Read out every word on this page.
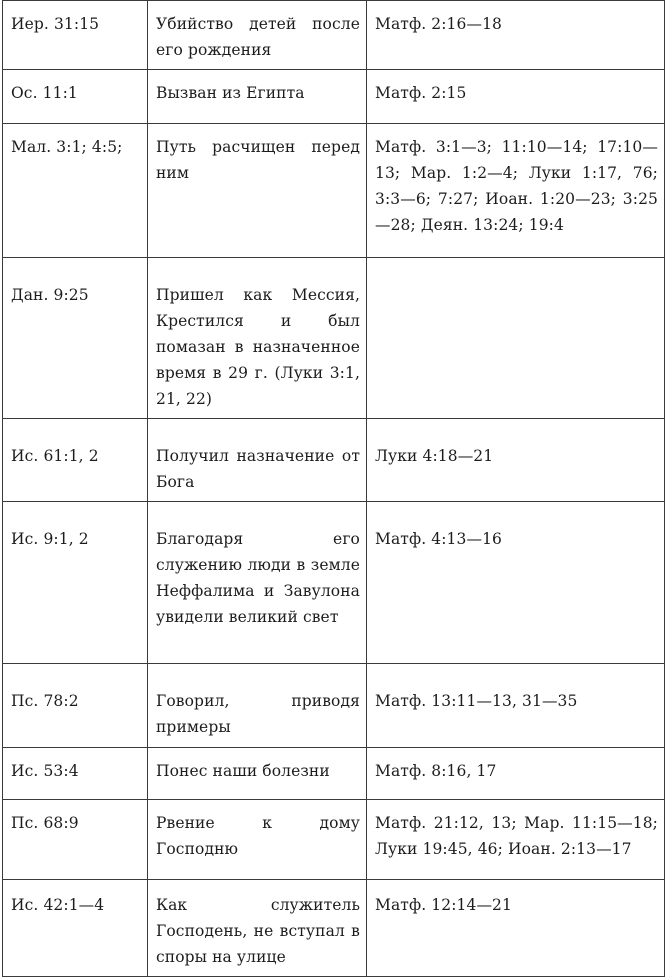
Иер. 31:15	Убийство детей после его рождения	Матф. 2:16—18

Ос. 11:1	Вызван из Египта	Матф. 2:15

Мал. 3:1; 4:5;	Путь расчищен перед ним	Матф. 3:1—3; 11:10—14; 17:10—13; Мар. 1:2—4; Луки 1:17, 76; 3:3—6; 7:27; Иоан. 1:20—23; 3:25—28; Деян. 13:24; 19:4

Дан. 9:25	Пришел как Мессия, Крестился и был помазан в назначенное время в 29 г. (Луки 3:1, 21, 22)	

Ис. 61:1, 2	Получил назначение от Бога	Луки 4:18—21

Ис. 9:1, 2	Благодаря его служению люди в земле Неффалима и Завулона увидели великий свет	Матф. 4:13—16

Пс. 78:2	Говорил, приводя примеры	Матф. 13:11—13, 31—35

Ис. 53:4	Понес наши болезни	Матф. 8:16, 17

Пс. 68:9	Рвение к дому Господню	Матф. 21:12, 13; Мар. 11:15—18; Луки 19:45, 46; Иоан. 2:13—17

Ис. 42:1—4	Как служитель Господень, не вступал в споры на улице	Матф. 12:14—21
